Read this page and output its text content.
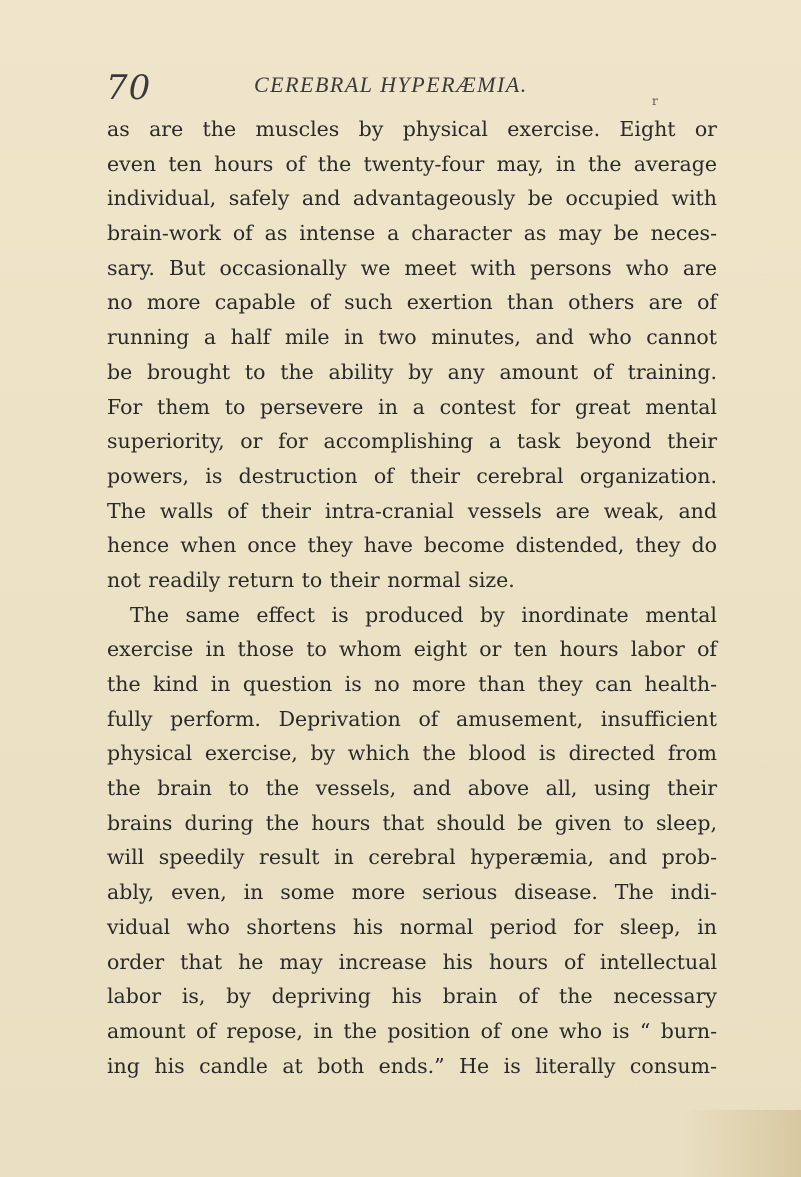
70	CEREBRAL HYPERÆMIA.
r
as are the muscles by physical exercise. Eight or
even ten hours of the twenty-four may, in the average
individual, safely and advantageously be occupied with
brain-work of as intense a character as may be neces-
sary. But occasionally we meet with persons who are
no more capable of such exertion than others are of
running a half mile in two minutes, and who cannot
be brought to the ability by any amount of training.
For them to persevere in a contest for great mental
superiority, or for accomplishing a task beyond their
powers, is destruction of their cerebral organization.
The walls of their intra-cranial vessels are weak, and
hence when once they have become distended, they do
not readily return to their normal size.
The same effect is produced by inordinate mental
exercise in those to whom eight or ten hours labor of
the kind in question is no more than they can health-
fully perform. Deprivation of amusement, insufficient
physical exercise, by which the blood is directed from
the brain to the vessels, and above all, using their
brains during the hours that should be given to sleep,
will speedily result in cerebral hyperæmia, and prob-
ably, even, in some more serious disease. The indi-
vidual who shortens his normal period for sleep, in
order that he may increase his hours of intellectual
labor is, by depriving his brain of the necessary
amount of repose, in the position of one who is “ burn-
ing his candle at both ends.” He is literally consum-
